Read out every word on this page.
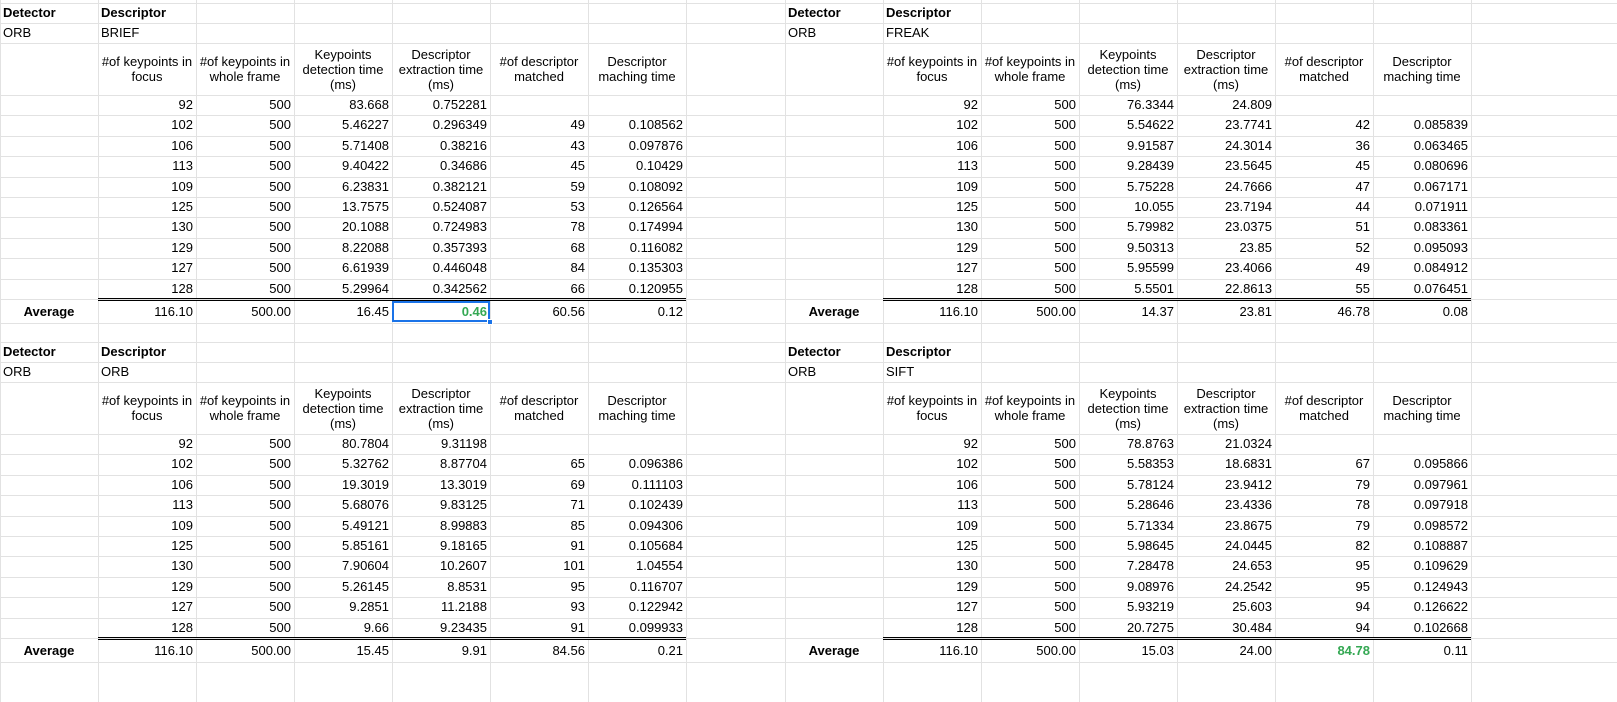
Detector	Descriptor
ORB	BRIEF
#of keypoints in focus
#of keypoints in whole frame
Keypoints detection time (ms)
Descriptor extraction time (ms)
#of descriptor matched
Descriptor maching time
92	500	83.668	0.752281
102	500	5.46227	0.296349	49	0.108562
106	500	5.71408	0.38216	43	0.097876
113	500	9.40422	0.34686	45	0.10429
109	500	6.23831	0.382121	59	0.108092
125	500	13.7575	0.524087	53	0.126564
130	500	20.1088	0.724983	78	0.174994
129	500	8.22088	0.357393	68	0.116082
127	500	6.61939	0.446048	84	0.135303
128	500	5.29964	0.342562	66	0.120955
Average	116.10	500.00	16.45	0.46	60.56	0.12
Detector	Descriptor
ORB	FREAK
#of keypoints in focus
#of keypoints in whole frame
Keypoints detection time (ms)
Descriptor extraction time (ms)
#of descriptor matched
Descriptor maching time
92	500	76.3344	24.809
102	500	5.54622	23.7741	42	0.085839
106	500	9.91587	24.3014	36	0.063465
113	500	9.28439	23.5645	45	0.080696
109	500	5.75228	24.7666	47	0.067171
125	500	10.055	23.7194	44	0.071911
130	500	5.79982	23.0375	51	0.083361
129	500	9.50313	23.85	52	0.095093
127	500	5.95599	23.4066	49	0.084912
128	500	5.5501	22.8613	55	0.076451
Average	116.10	500.00	14.37	23.81	46.78	0.08
Detector	Descriptor
ORB	ORB
#of keypoints in focus
#of keypoints in whole frame
Keypoints detection time (ms)
Descriptor extraction time (ms)
#of descriptor matched
Descriptor maching time
92	500	80.7804	9.31198
102	500	5.32762	8.87704	65	0.096386
106	500	19.3019	13.3019	69	0.111103
113	500	5.68076	9.83125	71	0.102439
109	500	5.49121	8.99883	85	0.094306
125	500	5.85161	9.18165	91	0.105684
130	500	7.90604	10.2607	101	1.04554
129	500	5.26145	8.8531	95	0.116707
127	500	9.2851	11.2188	93	0.122942
128	500	9.66	9.23435	91	0.099933
Average	116.10	500.00	15.45	9.91	84.56	0.21
Detector	Descriptor
ORB	SIFT
#of keypoints in focus
#of keypoints in whole frame
Keypoints detection time (ms)
Descriptor extraction time (ms)
#of descriptor matched
Descriptor maching time
92	500	78.8763	21.0324
102	500	5.58353	18.6831	67	0.095866
106	500	5.78124	23.9412	79	0.097961
113	500	5.28646	23.4336	78	0.097918
109	500	5.71334	23.8675	79	0.098572
125	500	5.98645	24.0445	82	0.108887
130	500	7.28478	24.653	95	0.109629
129	500	9.08976	24.2542	95	0.124943
127	500	5.93219	25.603	94	0.126622
128	500	20.7275	30.484	94	0.102668
Average	116.10	500.00	15.03	24.00	84.78	0.11
